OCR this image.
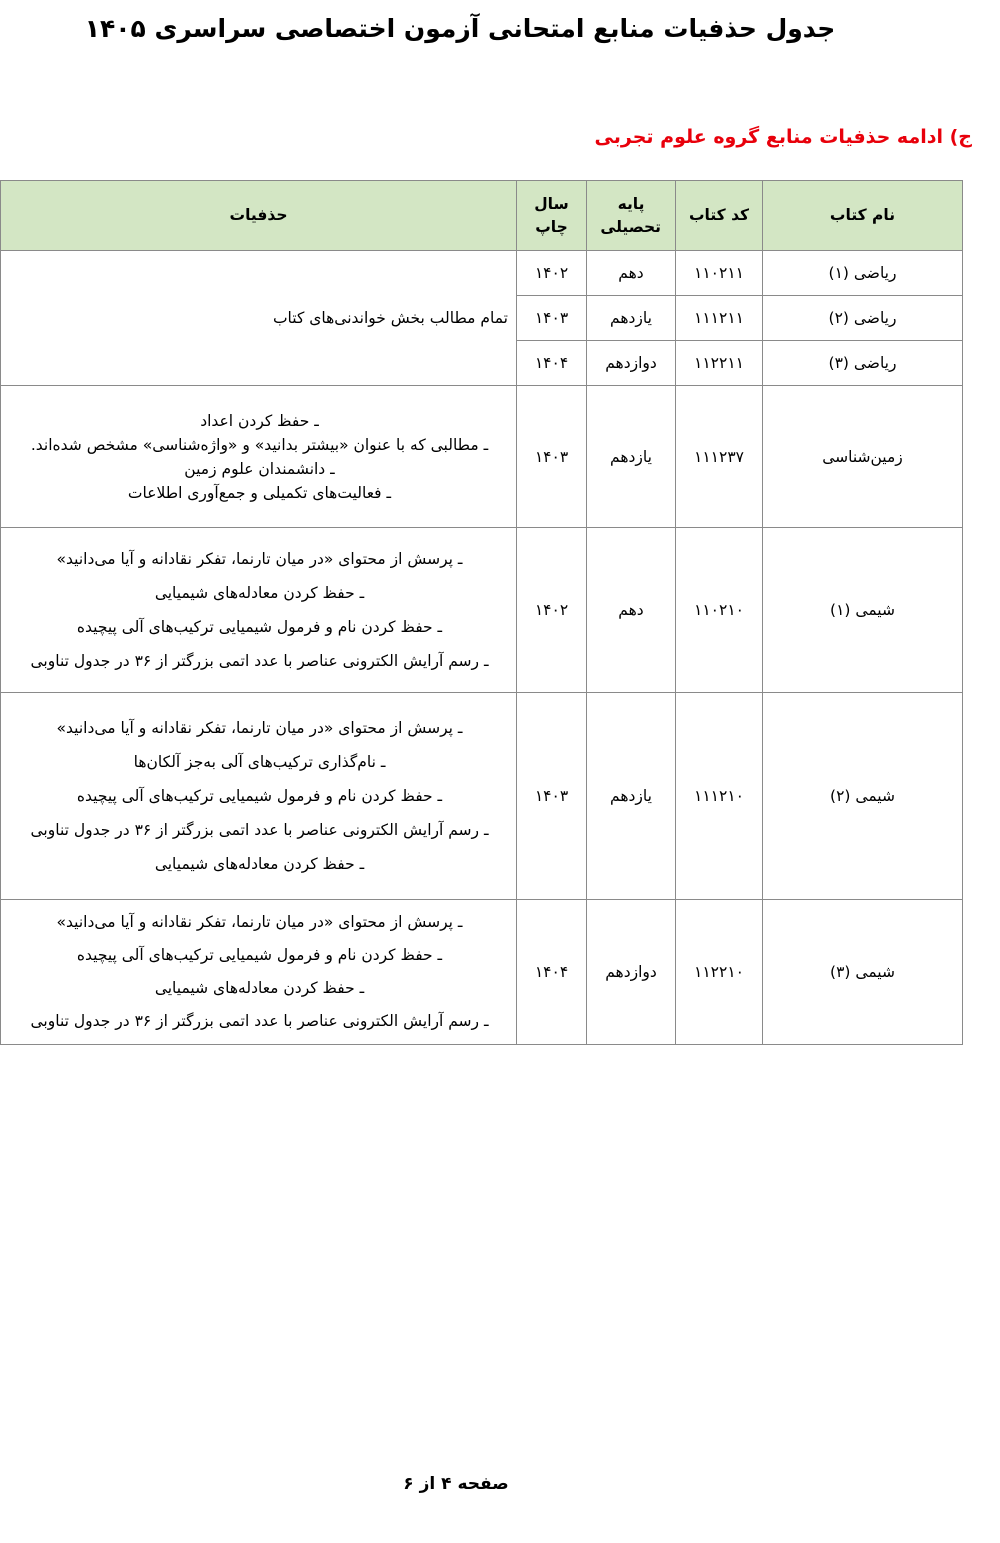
جدول حذفیات منابع امتحانی آزمون اختصاصی سراسری ۱۴۰۵
ج) ادامه حذفیات منابع گروه علوم تجربی
نام کتاب	کد کتاب	پایه تحصیلی	سال چاپ	حذفیات
ریاضی (۱)	۱۱۰۲۱۱	دهم	۱۴۰۲	تمام مطالب بخش خواندنی‌های کتاب
ریاضی (۲)	۱۱۱۲۱۱	یازدهم	۱۴۰۳	
ریاضی (۳)	۱۱۲۲۱۱	دوازدهم	۱۴۰۴	
زمین‌شناسی	۱۱۱۲۳۷	یازدهم	۱۴۰۳	ـ حفظ کردن اعداد
ـ مطالبی که با عنوان «بیشتر بدانید» و «واژه‌شناسی» مشخص شده‌اند.
ـ دانشمندان علوم زمین
ـ فعالیت‌های تکمیلی و جمع‌آوری اطلاعات

شیمی (۱)	۱۱۰۲۱۰	دهم	۱۴۰۲	ـ پرسش از محتوای «در میان تارنما، تفکر نقادانه و آیا می‌دانید»
ـ حفظ کردن معادله‌های شیمیایی
ـ حفظ کردن نام و فرمول شیمیایی ترکیب‌های آلی پیچیده
ـ رسم آرایش الکترونی عناصر با عدد اتمی بزرگتر از ۳۶ در جدول تناوبی

شیمی (۲)	۱۱۱۲۱۰	یازدهم	۱۴۰۳	ـ پرسش از محتوای «در میان تارنما، تفکر نقادانه و آیا می‌دانید»
ـ نام‌گذاری ترکیب‌های آلی به‌جز آلکان‌ها
ـ حفظ کردن نام و فرمول شیمیایی ترکیب‌های آلی پیچیده
ـ رسم آرایش الکترونی عناصر با عدد اتمی بزرگتر از ۳۶ در جدول تناوبی
ـ حفظ کردن معادله‌های شیمیایی

شیمی (۳)	۱۱۲۲۱۰	دوازدهم	۱۴۰۴	ـ پرسش از محتوای «در میان تارنما، تفکر نقادانه و آیا می‌دانید»
ـ حفظ کردن نام و فرمول شیمیایی ترکیب‌های آلی پیچیده
ـ حفظ کردن معادله‌های شیمیایی
ـ رسم آرایش الکترونی عناصر با عدد اتمی بزرگتر از ۳۶ در جدول تناوبی
صفحه ۴ از ۶
